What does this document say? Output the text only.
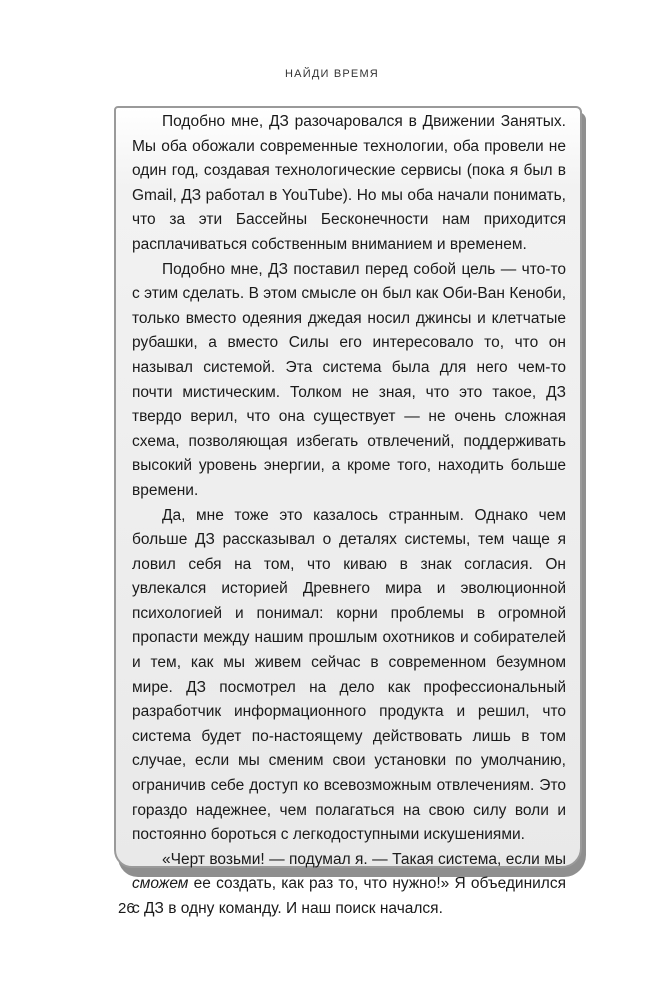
НАЙДИ ВРЕМЯ

Подобно мне, ДЗ разочаровался в Движении Занятых. Мы оба обожали современные технологии, оба провели не один год, создавая технологические сервисы (пока я был в Gmail, ДЗ работал в YouTube). Но мы оба начали понимать, что за эти Бассейны Бесконечности нам приходится расплачиваться собственным вниманием и временем.

Подобно мне, ДЗ поставил перед собой цель — что-то с этим сделать. В этом смысле он был как Оби-Ван Кеноби, только вместо одеяния джедая носил джинсы и клетчатые рубашки, а вместо Силы его интересовало то, что он называл системой. Эта система была для него чем-то почти мистическим. Толком не зная, что это такое, ДЗ твердо верил, что она существует — не очень сложная схема, позволяющая избегать отвлечений, поддерживать высокий уровень энергии, а кроме того, находить больше времени.

Да, мне тоже это казалось странным. Однако чем больше ДЗ рассказывал о деталях системы, тем чаще я ловил себя на том, что киваю в знак согласия. Он увлекался историей Древнего мира и эволюционной психологией и понимал: корни проблемы в огромной пропасти между нашим прошлым охотников и собирателей и тем, как мы живем сейчас в современном безумном мире. ДЗ посмотрел на дело как профессиональный разработчик информационного продукта и решил, что система будет по-настоящему действовать лишь в том случае, если мы сменим свои установки по умолчанию, ограничив себе доступ ко всевозможным отвлечениям. Это гораздо надежнее, чем полагаться на свою силу воли и постоянно бороться с легкодоступными искушениями.

«Черт возьми! — подумал я. — Такая система, если мы сможем ее создать, как раз то, что нужно!» Я объединился с ДЗ в одну команду. И наш поиск начался.

26
